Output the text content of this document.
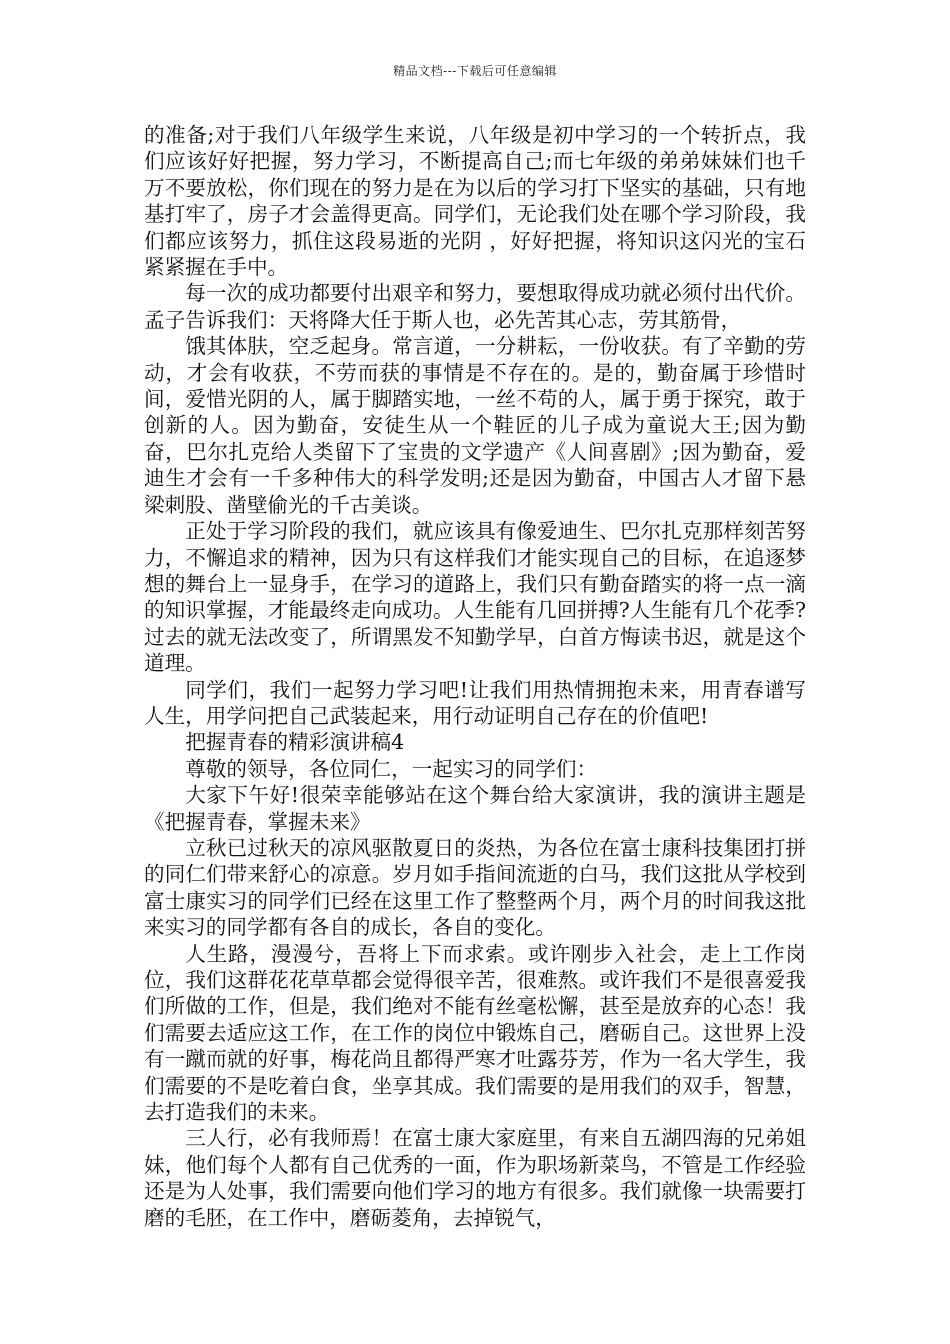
精品文档---下载后可任意编辑

的准备;对于我们八年级学生来说，八年级是初中学习的一个转折点，我们应该好好把握，努力学习，不断提高自己;而七年级的弟弟妹妹们也千万不要放松，你们现在的努力是在为以后的学习打下坚实的基础，只有地基打牢了，房子才会盖得更高。同学们，无论我们处在哪个学习阶段，我们都应该努力，抓住这段易逝的光阴 ，好好把握，将知识这闪光的宝石紧紧握在手中。

每一次的成功都要付出艰辛和努力，要想取得成功就必须付出代价。孟子告诉我们：天将降大任于斯人也，必先苦其心志，劳其筋骨，

饿其体肤，空乏起身。常言道，一分耕耘，一份收获。有了辛勤的劳动，才会有收获，不劳而获的事情是不存在的。是的，勤奋属于珍惜时间，爱惜光阴的人，属于脚踏实地，一丝不苟的人，属于勇于探究，敢于创新的人。因为勤奋，安徒生从一个鞋匠的儿子成为童说大王;因为勤奋，巴尔扎克给人类留下了宝贵的文学遗产《人间喜剧》;因为勤奋，爱迪生才会有一千多种伟大的科学发明;还是因为勤奋，中国古人才留下悬梁刺股、凿壁偷光的千古美谈。

正处于学习阶段的我们，就应该具有像爱迪生、巴尔扎克那样刻苦努力，不懈追求的精神，因为只有这样我们才能实现自己的目标，在追逐梦想的舞台上一显身手，在学习的道路上，我们只有勤奋踏实的将一点一滴的知识掌握，才能最终走向成功。人生能有几回拼搏?人生能有几个花季?过去的就无法改变了，所谓黑发不知勤学早，白首方悔读书迟，就是这个道理。

同学们，我们一起努力学习吧!让我们用热情拥抱未来，用青春谱写人生，用学问把自己武装起来，用行动证明自己存在的价值吧!

把握青春的精彩演讲稿4

尊敬的领导，各位同仁，一起实习的同学们：

大家下午好!很荣幸能够站在这个舞台给大家演讲，我的演讲主题是《把握青春，掌握未来》

立秋已过秋天的凉风驱散夏日的炎热，为各位在富士康科技集团打拼的同仁们带来舒心的凉意。岁月如手指间流逝的白马，我们这批从学校到富士康实习的同学们已经在这里工作了整整两个月，两个月的时间我这批来实习的同学都有各自的成长，各自的变化。

人生路，漫漫兮，吾将上下而求索。或许刚步入社会，走上工作岗位，我们这群花花草草都会觉得很辛苦，很难熬。或许我们不是很喜爱我们所做的工作，但是，我们绝对不能有丝毫松懈，甚至是放弃的心态！我们需要去适应这工作，在工作的岗位中锻炼自己，磨砺自己。这世界上没有一蹴而就的好事，梅花尚且都得严寒才吐露芬芳，作为一名大学生，我们需要的不是吃着白食，坐享其成。我们需要的是用我们的双手，智慧，去打造我们的未来。

三人行，必有我师焉！在富士康大家庭里，有来自五湖四海的兄弟姐妹，他们每个人都有自己优秀的一面，作为职场新菜鸟，不管是工作经验还是为人处事，我们需要向他们学习的地方有很多。我们就像一块需要打磨的毛胚，在工作中，磨砺菱角，去掉锐气，
